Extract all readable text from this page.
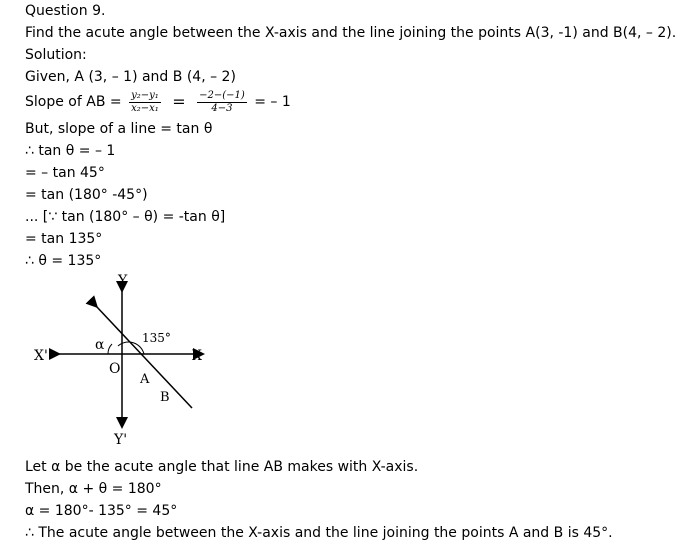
Question 9.
Find the acute angle between the X-axis and the line joining the points A(3, -1) and B(4, – 2).
Solution:
Given, A (3, – 1) and B (4, – 2)
Slope of AB = $\frac{\text{y₂−y₁}}{\text{x₂−x₁}} = \frac{-2-(-1)}{4-3}$ = – 1
But, slope of a line = tan θ
∴ tan θ = – 1
= – tan 45°
= tan (180° -45°)
... [∵ tan (180° – θ) = -tan θ]
= tan 135°
∴ θ = 135°
Y
Y'
X'	X
O
α	135°
A
B
Let α be the acute angle that line AB makes with X-axis.
Then, α + θ = 180°
α = 180°- 135° = 45°
∴ The acute angle between the X-axis and the line joining the points A and B is 45°.
